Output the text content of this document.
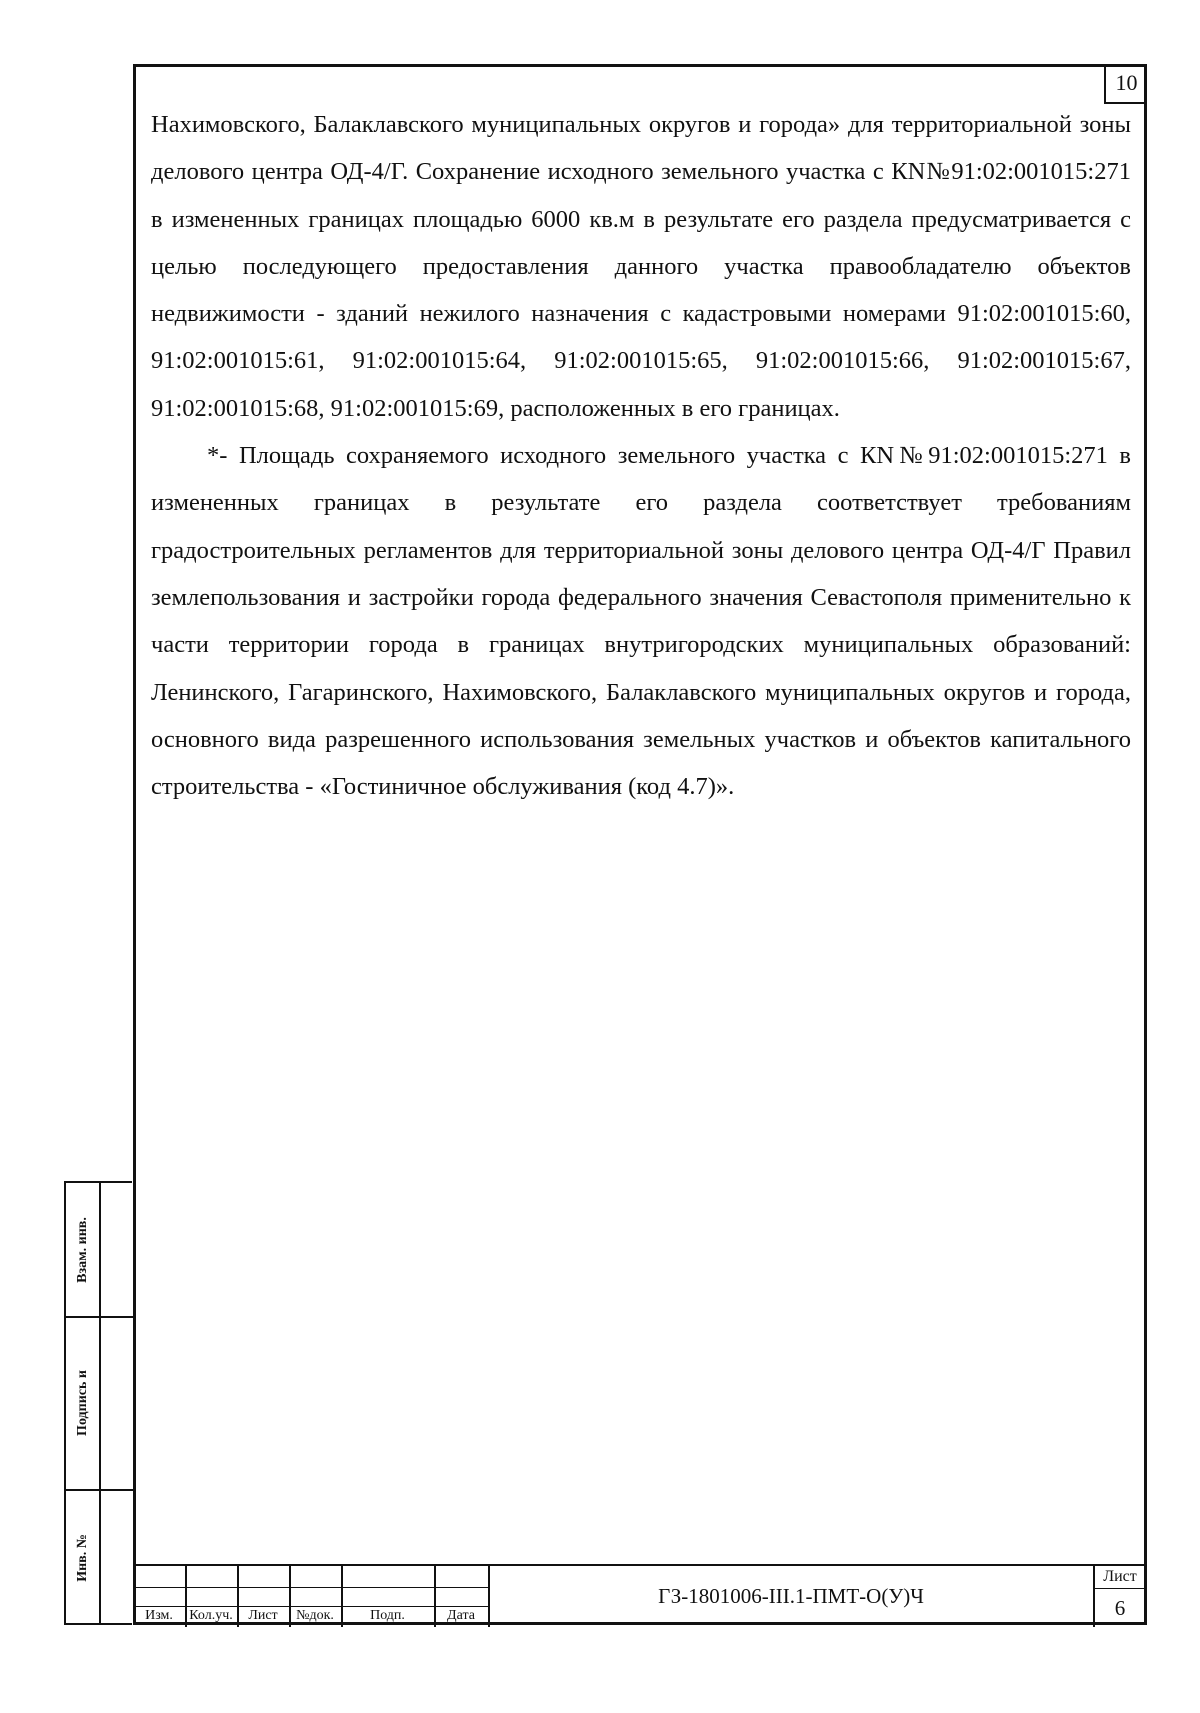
10

Нахимовского, Балаклавского муниципальных округов и города» для территориальной зоны делового центра ОД-4/Г. Сохранение исходного земельного участка с КN№91:02:001015:271 в измененных границах площадью 6000 кв.м в результате его раздела предусматривается с целью последующего предоставления данного участка правообладателю объектов недвижимости - зданий нежилого назначения с кадастровыми номерами 91:02:001015:60, 91:02:001015:61, 91:02:001015:64, 91:02:001015:65, 91:02:001015:66, 91:02:001015:67, 91:02:001015:68, 91:02:001015:69, расположенных в его границах.

*- Площадь сохраняемого исходного земельного участка с КN№91:02:001015:271 в измененных границах в результате его раздела соответствует требованиям градостроительных регламентов для территориальной зоны делового центра ОД-4/Г Правил землепользования и застройки города федерального значения Севастополя применительно к части территории города в границах внутригородских муниципальных образований: Ленинского, Гагаринского, Нахимовского, Балаклавского муниципальных округов и города, основного вида разрешенного использования земельных участков и объектов капитального строительства - «Гостиничное обслуживания (код 4.7)».

Взам. инв.
Подпись и
Инв. №
Изм.	Кол.уч.	Лист	№док.	Подп.	Дата
ГЗ-1801006-III.1-ПМТ-О(У)Ч
Лист
6
